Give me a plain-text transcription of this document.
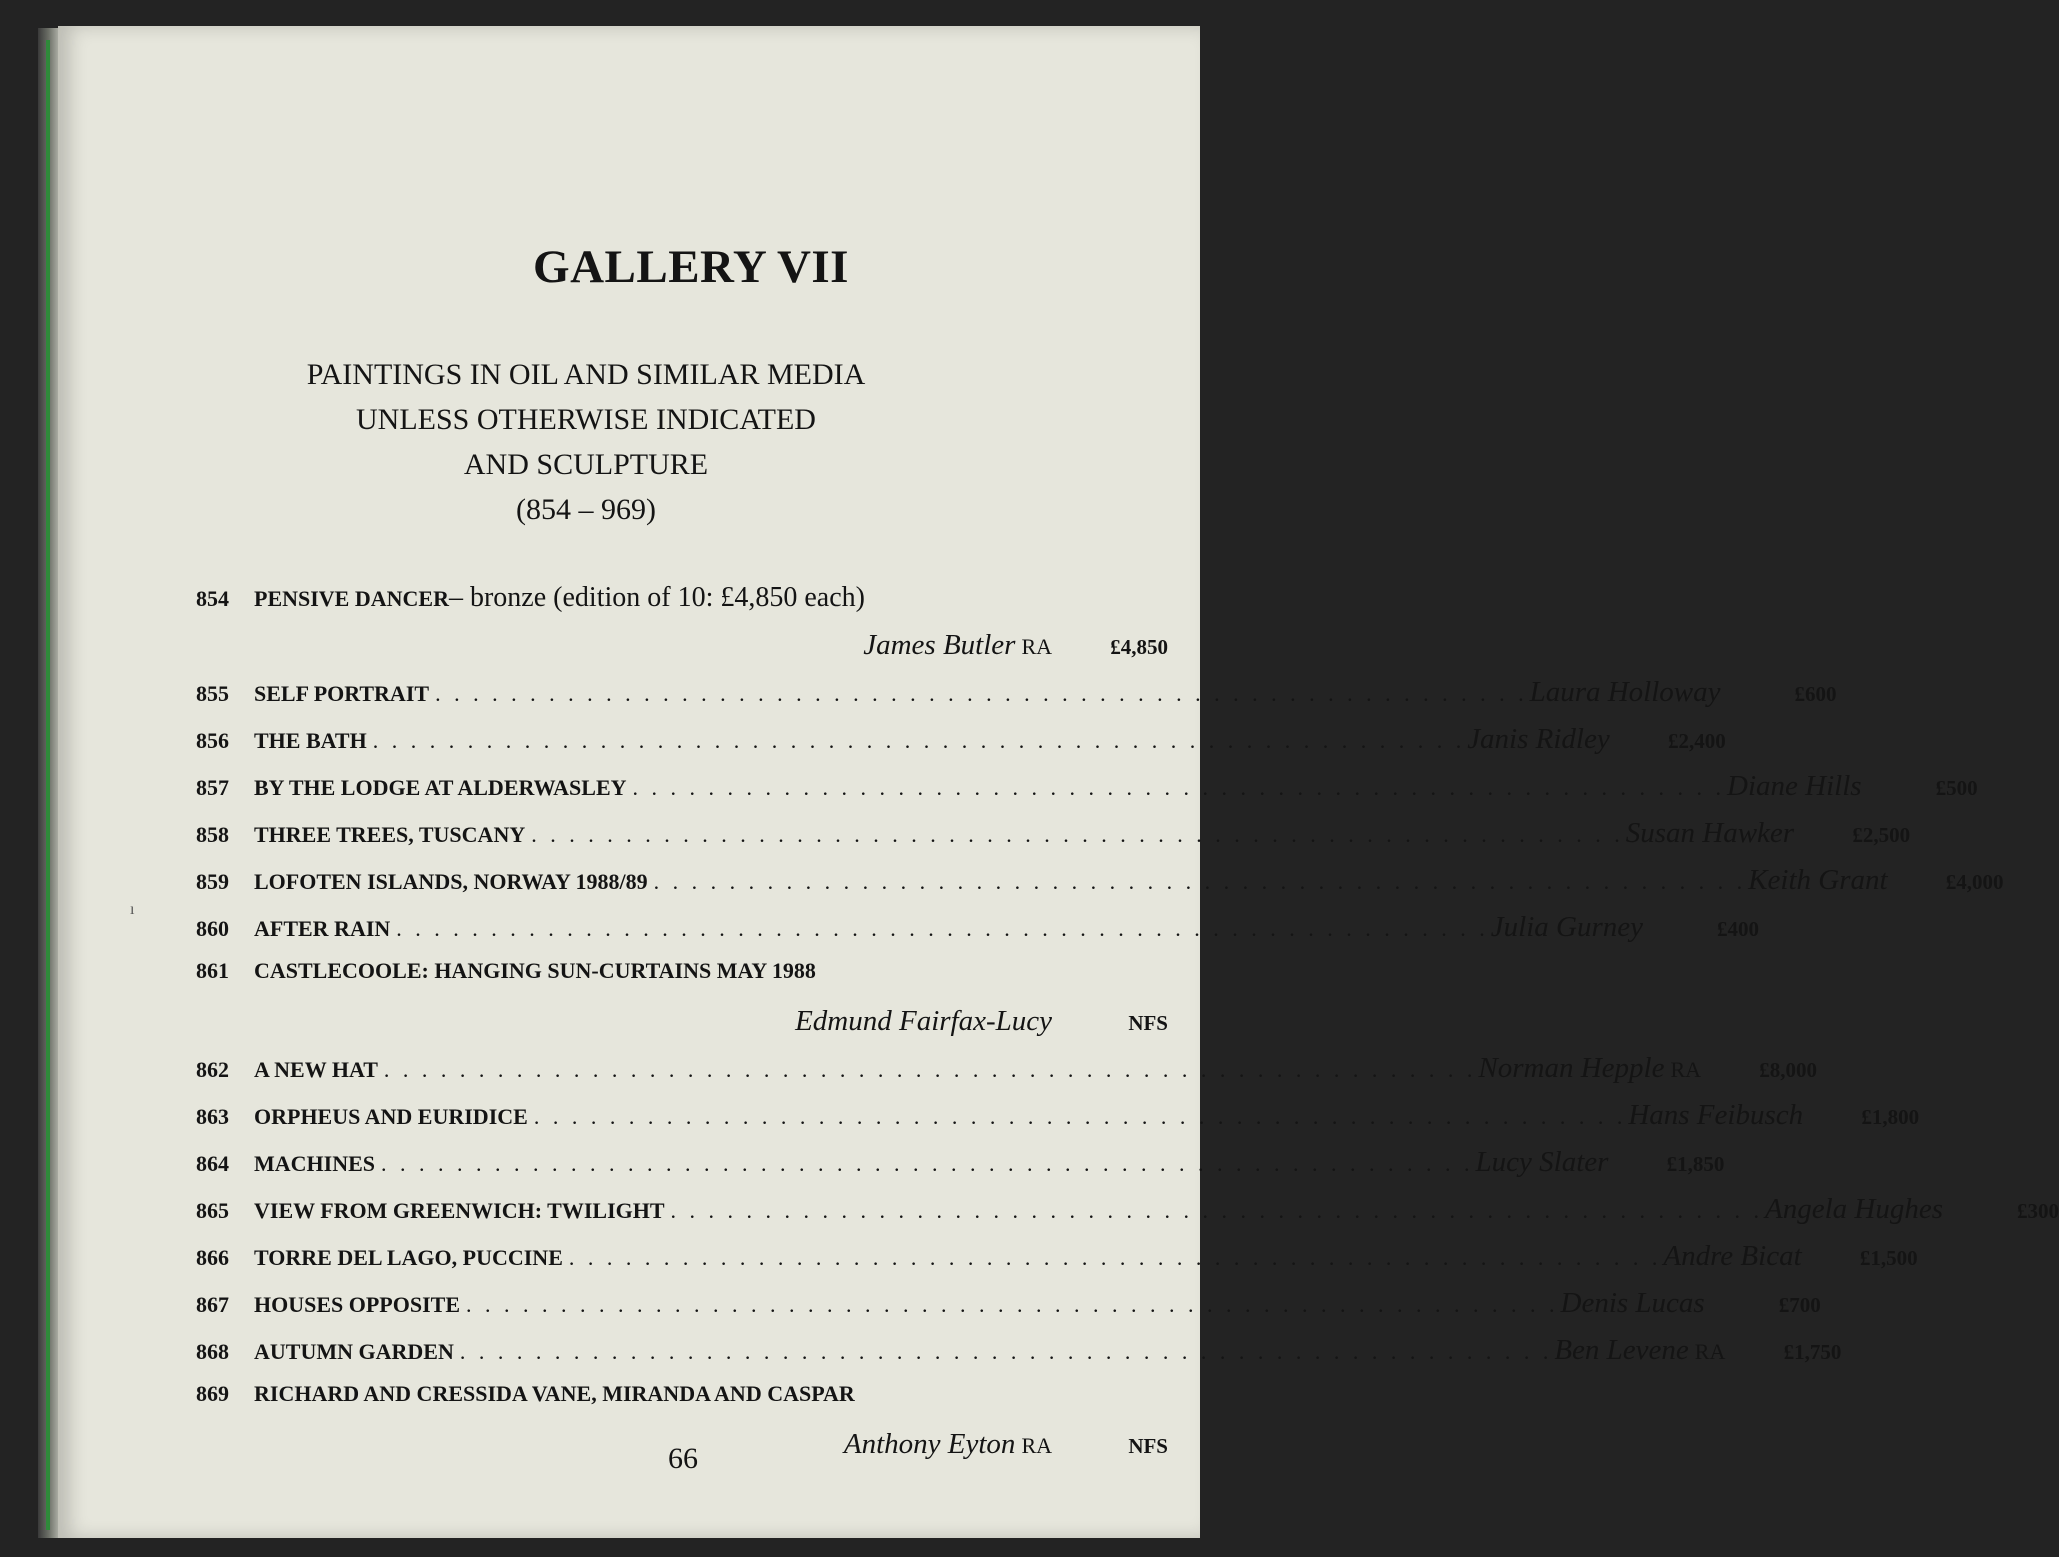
ı
GALLERY VII
PAINTINGS IN OIL AND SIMILAR MEDIA
UNLESS OTHERWISE INDICATED
AND SCULPTURE
(854 – 969)
854	PENSIVE DANCER – bronze (edition of 10: £4,850 each)
James Butler RA	£4,850
855	SELF PORTRAIT . . . . . . . . . . . . . . . . . . . . . . . . . . . . . . . . . . . . . . . . . . . . . . . . . . . . . . . . . . Laura Holloway	£600
856	THE BATH . . . . . . . . . . . . . . . . . . . . . . . . . . . . . . . . . . . . . . . . . . . . . . . . . . . . . . . . . . Janis Ridley	£2,400
857	BY THE LODGE AT ALDERWASLEY . . . . . . . . . . . . . . . . . . . . . . . . . . . . . . . . . . . . . . . . . . . . . . . . . . . . . . . . . . Diane Hills	£500
858	THREE TREES, TUSCANY . . . . . . . . . . . . . . . . . . . . . . . . . . . . . . . . . . . . . . . . . . . . . . . . . . . . . . . . . . Susan Hawker	£2,500
859	LOFOTEN ISLANDS, NORWAY 1988/89 . . . . . . . . . . . . . . . . . . . . . . . . . . . . . . . . . . . . . . . . . . . . . . . . . . . . . . . . . . Keith Grant	£4,000
860	AFTER RAIN . . . . . . . . . . . . . . . . . . . . . . . . . . . . . . . . . . . . . . . . . . . . . . . . . . . . . . . . . . Julia Gurney	£400
861	CASTLECOOLE: HANGING SUN-CURTAINS MAY 1988
Edmund Fairfax-Lucy	NFS
862	A NEW HAT . . . . . . . . . . . . . . . . . . . . . . . . . . . . . . . . . . . . . . . . . . . . . . . . . . . . . . . . . . Norman Hepple RA	£8,000
863	ORPHEUS AND EURIDICE . . . . . . . . . . . . . . . . . . . . . . . . . . . . . . . . . . . . . . . . . . . . . . . . . . . . . . . . . . Hans Feibusch	£1,800
864	MACHINES . . . . . . . . . . . . . . . . . . . . . . . . . . . . . . . . . . . . . . . . . . . . . . . . . . . . . . . . . . Lucy Slater	£1,850
865	VIEW FROM GREENWICH: TWILIGHT . . . . . . . . . . . . . . . . . . . . . . . . . . . . . . . . . . . . . . . . . . . . . . . . . . . . . . . . . . Angela Hughes	£300
866	TORRE DEL LAGO, PUCCINE . . . . . . . . . . . . . . . . . . . . . . . . . . . . . . . . . . . . . . . . . . . . . . . . . . . . . . . . . . Andre Bicat	£1,500
867	HOUSES OPPOSITE . . . . . . . . . . . . . . . . . . . . . . . . . . . . . . . . . . . . . . . . . . . . . . . . . . . . . . . . . . Denis Lucas	£700
868	AUTUMN GARDEN . . . . . . . . . . . . . . . . . . . . . . . . . . . . . . . . . . . . . . . . . . . . . . . . . . . . . . . . . . Ben Levene RA	£1,750
869	RICHARD AND CRESSIDA VANE, MIRANDA AND CASPAR
Anthony Eyton RA	NFS
66
